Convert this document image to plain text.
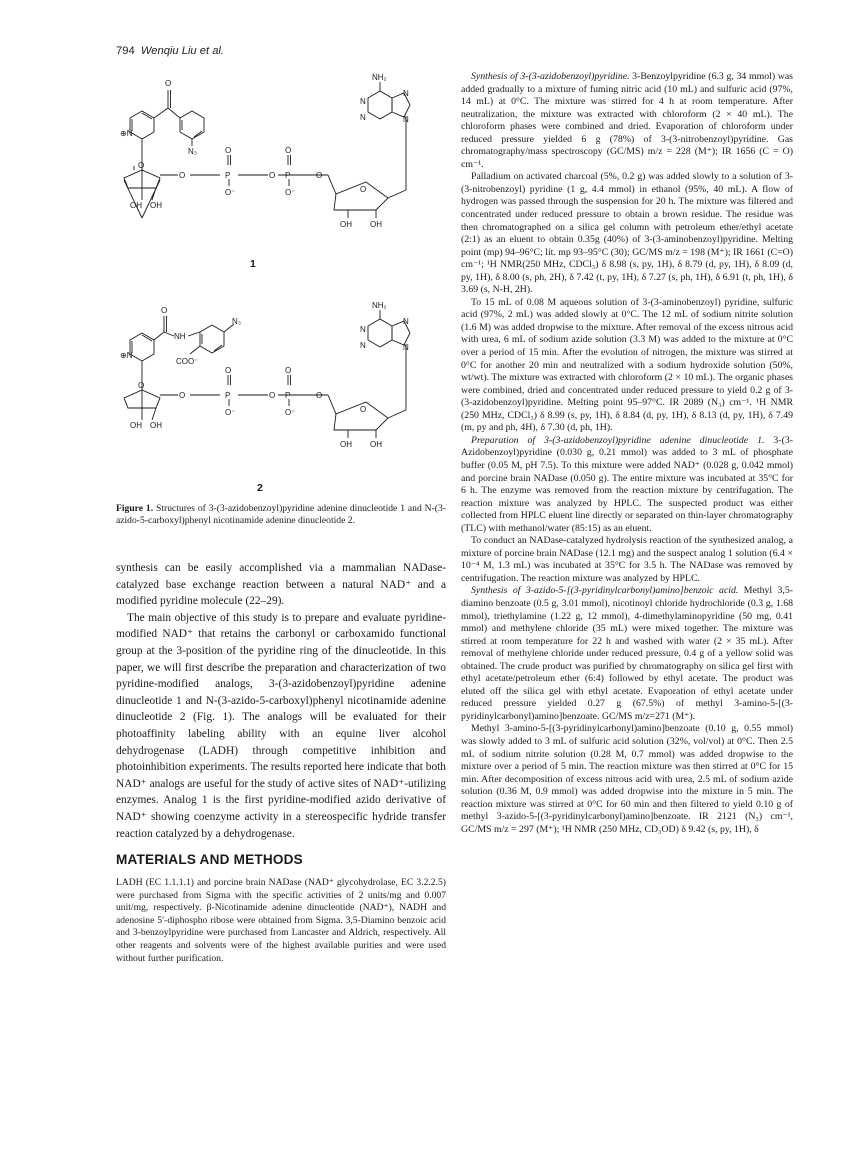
794 Wenqiu Liu et al.
O
⊕N
N₃
NH₂
N
N
N	N
O
O
P
O⁻
O
O
P
O⁻
O
O
OH OH
O
OH OH
1
O
⊕N
NH
N₃
COO⁻
NH₂
N
N
N	N
O
O
P
O⁻
O
O
P
O⁻
O
O
OH OH
O
OH OH
2
Figure 1. Structures of 3-(3-azidobenzoyl)pyridine adenine dinucleotide 1 and N-(3-azido-5-carboxyl)phenyl nicotinamide adenine dinucleotide 2.

synthesis can be easily accomplished via a mammalian NADase-catalyzed base exchange reaction between a natural NAD⁺ and a modified pyridine molecule (22–29).

The main objective of this study is to prepare and evaluate pyridine-modified NAD⁺ that retains the carbonyl or carboxamido functional group at the 3-position of the pyridine ring of the dinucleotide. In this paper, we will first describe the preparation and characterization of two pyridine-modified analogs, 3-(3-azidobenzoyl)pyridine adenine dinucleotide 1 and N-(3-azido-5-carboxyl)phenyl nicotinamide adenine dinucleotide 2 (Fig. 1). The analogs will be evaluated for their photoaffinity labeling ability with an equine liver alcohol dehydrogenase (LADH) through competitive inhibition and photoinhibition experiments. The results reported here indicate that both NAD⁺ analogs are useful for the study of active sites of NAD⁺-utilizing enzymes. Analog 1 is the first pyridine-modified azido derivative of NAD⁺ showing coenzyme activity in a stereospecific hydride transfer reaction catalyzed by a dehydrogenase.

MATERIALS AND METHODS

LADH (EC 1.1.1.1) and porcine brain NADase (NAD⁺ glycohydrolase, EC 3.2.2.5) were purchased from Sigma with the specific activities of 2 units/mg and 0.007 unit/mg, respectively. β-Nicotinamide adenine dinucleotide (NAD⁺), NADH and adenosine 5′-diphospho ribose were obtained from Sigma. 3,5-Diamino benzoic acid and 3-benzoylpyridine were purchased from Lancaster and Aldrich, respectively. All other reagents and solvents were of the highest available purities and were used without further purification.

Synthesis of 3-(3-azidobenzoyl)pyridine. 3-Benzoylpyridine (6.3 g, 34 mmol) was added gradually to a mixture of fuming nitric acid (10 mL) and sulfuric acid (97%, 14 mL) at 0°C. The mixture was stirred for 4 h at room temperature. After neutralization, the mixture was extracted with chloroform (2 × 40 mL). The chloroform phases were combined and dried. Evaporation of chloroform under reduced pressure yielded 6 g (78%) of 3-(3-nitrobenzoyl)pyridine. Gas chromatography/mass spectroscopy (GC/MS) m/z = 228 (M⁺); IR 1656 (C = O) cm⁻¹.

Palladium on activated charcoal (5%, 0.2 g) was added slowly to a solution of 3-(3-nitrobenzoyl) pyridine (1 g, 4.4 mmol) in ethanol (95%, 40 mL). A flow of hydrogen was passed through the suspension for 20 h. The mixture was filtered and concentrated under reduced pressure to obtain a brown residue. The residue was then chromatographed on a silica gel column with petroleum ether/ethyl acetate (2:1) as an eluent to obtain 0.35g (40%) of 3-(3-aminobenzoyl)pyridine. Melting point (mp) 94–96°C; lit. mp 93–95°C (30); GC/MS m/z = 198 (M⁺); IR 1661 (C=O) cm⁻¹; ¹H NMR(250 MHz, CDCl₃) δ 8.98 (s, py, 1H), δ 8.79 (d, py, 1H), δ 8.09 (d, py, 1H), δ 8.00 (s, ph, 2H), δ 7.42 (t, py, 1H), δ 7.27 (s, ph, 1H), δ 6.91 (t, ph, 1H), δ 3.69 (s, N-H, 2H).

To 15 mL of 0.08 M aqueous solution of 3-(3-aminobenzoyl) pyridine, sulfuric acid (97%, 2 mL) was added slowly at 0°C. The 12 mL of sodium nitrite solution (1.6 M) was added dropwise to the mixture. After removal of the excess nitrous acid with urea, 6 mL of sodium azide solution (3.3 M) was added to the mixture at 0°C over a period of 15 min. After the evolution of nitrogen, the mixture was stirred at 0°C for another 20 min and neutralized with a sodium hydroxide solution (50%, wt/wt). The mixture was extracted with chloroform (2 × 10 mL). The organic phases were combined, dried and concentrated under reduced pressure to yield 0.2 g of 3-(3-azidobenzoyl)pyridine. Melting point 95–97°C. IR 2089 (N₃) cm⁻¹. ¹H NMR (250 MHz, CDCl₃) δ 8.99 (s, py, 1H), δ 8.84 (d, py, 1H), δ 8.13 (d, py, 1H), δ 7.49 (m, py and ph, 4H), δ 7.30 (d, ph, 1H).

Preparation of 3-(3-azidobenzoyl)pyridine adenine dinucleotide 1. 3-(3-Azidobenzoyl)pyridine (0.030 g, 0.21 mmol) was added to 3 mL of phosphate buffer (0.05 M, pH 7.5). To this mixture were added NAD⁺ (0.028 g, 0.042 mmol) and porcine brain NADase (0.050 g). The entire mixture was incubated at 35°C for 6 h. The enzyme was removed from the reaction mixture by centrifugation. The reaction mixture was analyzed by HPLC. The suspected product was either collected from HPLC eluent line directly or separated on thin-layer chromatography (TLC) with methanol/water (85:15) as an eluent.

To conduct an NADase-catalyzed hydrolysis reaction of the synthesized analog, a mixture of porcine brain NADase (12.1 mg) and the suspect analog 1 solution (6.4 × 10⁻⁴ M, 1.3 mL) was incubated at 35°C for 3.5 h. The NADase was removed by centrifugation. The reaction mixture was analyzed by HPLC.

Synthesis of 3-azido-5-[(3-pyridinylcarbonyl)amino]benzoic acid. Methyl 3,5-diamino benzoate (0.5 g, 3.01 mmol), nicotinoyl chloride hydrochloride (0.3 g, 1.68 mmol), triethylamine (1.22 g, 12 mmol), 4-dimethylaminopyridine (50 mg, 0.41 mmol) and methylene chloride (35 mL) were mixed together. The mixture was stirred at room temperature for 22 h and washed with water (2 × 35 mL). After removal of methylene chloride under reduced pressure, 0.4 g of a yellow solid was obtained. The crude product was purified by chromatography on silica gel first with ethyl acetate/petroleum ether (6:4) followed by ethyl acetate. The product was eluted off the silica gel with ethyl acetate. Evaporation of ethyl acetate under reduced pressure yielded 0.27 g (67.5%) of methyl 3-amino-5-[(3-pyridinylcarbonyl)amino]benzoate. GC/MS m/z=271 (M⁺).

Methyl 3-amino-5-[(3-pyridinylcarbonyl)amino]benzoate (0.10 g, 0.55 mmol) was slowly added to 3 mL of sulfuric acid solution (32%, vol/vol) at 0°C. Then 2.5 mL of sodium nitrite solution (0.28 M, 0.7 mmol) was added dropwise to the mixture over a period of 5 min. The reaction mixture was then stirred at 0°C for 15 min. After decomposition of excess nitrous acid with urea, 2.5 mL of sodium azide solution (0.36 M, 0.9 mmol) was added dropwise into the mixture in 5 min. The reaction mixture was stirred at 0°C for 60 min and then filtered to yield 0.10 g of methyl 3-azido-5-[(3-pyridinylcarbonyl)amino]benzoate. IR 2121 (N₃) cm⁻¹, GC/MS m/z = 297 (M⁺); ¹H NMR (250 MHz, CD₃OD) δ 9.42 (s, py, 1H), δ
